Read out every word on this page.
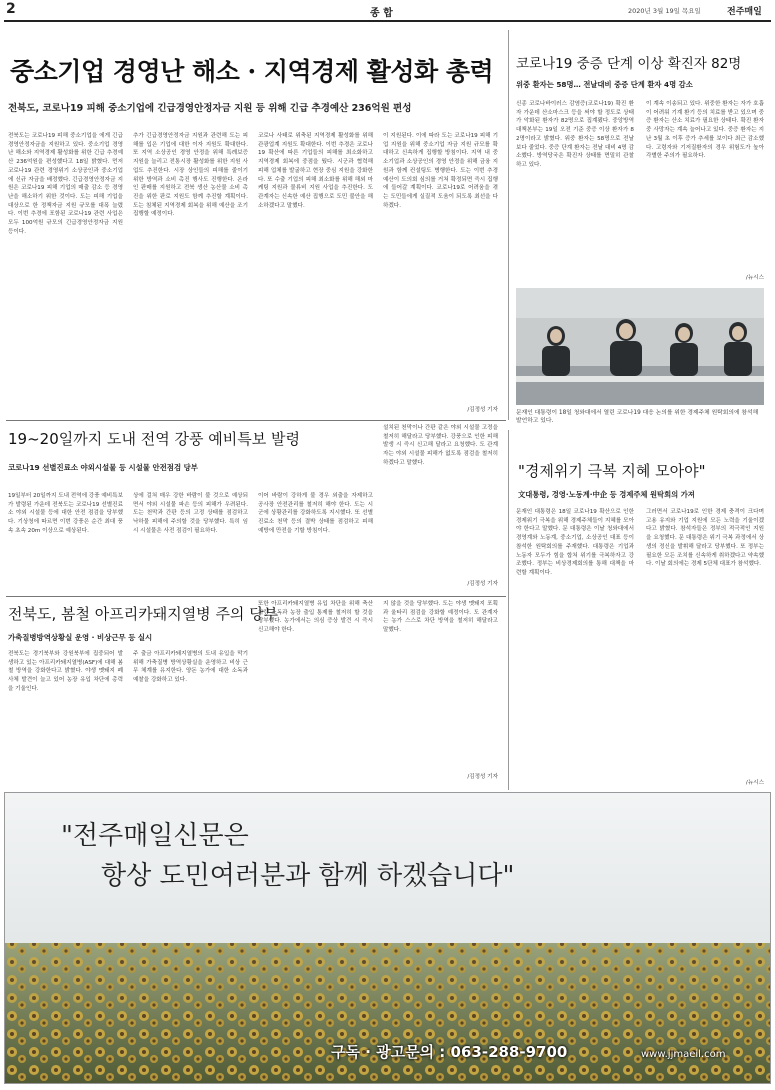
2	종 합	2020년 3월 19일 목요일	전주매일
중소기업 경영난 해소 · 지역경제 활성화 총력
전북도, 코로나19 피해 중소기업에 긴급경영안정자금 지원 등 위해 긴급 추경예산 236억원 편성
전북도는 코로나19 피해 중소기업을 에게 긴급경영안정자금을 지원하고 있다. 중소기업 경영난 해소와 지역경제 활성화를 위한 긴급 추경예산 236억원을 편성했다고 18일 밝혔다. 먼저 코로나19 관련 경영위기 소상공인과 중소기업에 신규 자금을 배정했다. 긴급경영안정자금 지원은 코로나19 피해 기업의 매출 감소 등 경영난을 해소하기 위한 것이다. 도는 피해 기업을 대상으로 한 정책자금 지원 규모를 대폭 늘렸다. 이번 추경에 포함된 코로나19 관련 사업은 모두 100억원 규모의 긴급경영안정자금 지원 등이다.
추가 긴급경영안정자금 지원과 관련해 도는 피해를 입은 기업에 대한 이자 지원도 확대한다. 또 지역 소상공인 경영 안정을 위해 특례보증 지원을 늘리고 전통시장 활성화를 위한 지원 사업도 추진한다. 시장 상인들의 피해를 줄이기 위한 방역과 소비 촉진 행사도 진행한다. 온라인 판매를 지원하고 전북 생산 농산물 소비 촉진을 위한 판로 지원도 함께 추진할 계획이다. 도는 침체된 지역경제 회복을 위해 예산을 조기 집행할 예정이다.
코로나 사태로 위축된 지역경제 활성화를 위해 관광업계 지원도 확대한다. 이번 추경은 코로나19 확산에 따른 기업들의 피해를 최소화하고 지역경제 회복에 중점을 뒀다. 시군과 협력해 피해 업체를 발굴하고 현장 중심 지원을 강화한다. 또 수출 기업의 피해 최소화를 위해 해외 마케팅 지원과 물류비 지원 사업을 추진한다. 도 관계자는 신속한 예산 집행으로 도민 불안을 해소하겠다고 말했다.
이 지원된다. 이에 따라 도는 코로나19 피해 기업 지원을 위해 중소기업 자금 지원 규모를 확대하고 신속하게 집행할 방침이다. 지역 내 중소기업과 소상공인의 경영 안정을 위해 금융 지원과 함께 컨설팅도 병행한다. 도는 이번 추경 예산이 도의회 심의를 거쳐 확정되면 즉시 집행에 들어갈 계획이다. 코로나19로 어려움을 겪는 도민들에게 실질적 도움이 되도록 최선을 다하겠다.
/김정성 기자
코로나19 중증 단계 이상 확진자 82명
위중 환자는 58명… 전날대비 중증 단계 환자 4명 감소
신종 코로나바이러스 감염증(코로나19) 확진 환자 가운데 산소마스크 등을 써야 할 정도로 상태가 악화된 환자가 82명으로 집계됐다. 중앙방역대책본부는 19일 오전 기준 중증 이상 환자가 82명이라고 밝혔다. 위중 환자는 58명으로 전날보다 줄었다. 중증 단계 환자는 전날 대비 4명 감소했다. 방역당국은 확진자 상태를 면밀히 관찰하고 있다.
이 계속 이송되고 있다. 위중한 환자는 자가 호흡이 어려워 기계 환기 등의 치료를 받고 있으며 중증 환자는 산소 치료가 필요한 상태다. 확진 환자 중 사망자는 계속 늘어나고 있다. 중증 환자는 지난 3월 초 이후 증가 추세를 보이다 최근 감소했다. 고령자와 기저질환자의 경우 위험도가 높아 각별한 주의가 필요하다.
/뉴시스
문재인 대통령이 18일 청와대에서 열린 코로나19 대응 논의를 위한 경제주체 원탁회의에 참석해 발언하고 있다.
19~20일까지 도내 전역 강풍 예비특보 발령
코로나19 선별진료소 야외시설물 등 시설물 안전점검 당부
19일부터 20일까지 도내 전역에 강풍 예비특보가 발령된 가운데 전북도는 코로나19 선별진료소 야외 시설물 등에 대한 안전 점검을 당부했다. 기상청에 따르면 이번 강풍은 순간 최대 풍속 초속 20m 이상으로 예상된다.
상에 걸쳐 매우 강한 바람이 불 것으로 예상되면서 야외 시설물 파손 등의 피해가 우려된다. 도는 천막과 간판 등의 고정 상태를 점검하고 낙하물 피해에 주의할 것을 당부했다. 특히 임시 시설물은 사전 점검이 필요하다.
이어 바람이 강하게 불 경우 외출을 자제하고 공사장 안전관리를 철저히 해야 한다. 도는 시군에 상황관리를 강화하도록 지시했다. 또 선별진료소 천막 등의 결박 상태를 점검하고 피해 예방에 만전을 기할 방침이다.
설치된 천막이나 간판 같은 야외 시설물 고정을 철저히 해달라고 당부했다. 강풍으로 인한 피해 발생 시 즉시 신고해 달라고 요청했다. 도 관계자는 야외 시설물 피해가 없도록 점검을 철저히 하겠다고 말했다.
/김정성 기자
"경제위기 극복 지혜 모아야"
文대통령, 경영·노동계·中企 등 경제주체 원탁회의 가져
문재인 대통령은 18일 코로나19 확산으로 인한 경제위기 극복을 위해 경제주체들이 지혜를 모아야 한다고 말했다. 문 대통령은 이날 청와대에서 경영계와 노동계, 중소기업, 소상공인 대표 등이 참석한 원탁회의를 주재했다. 대통령은 기업과 노동자 모두가 힘을 합쳐 위기를 극복하자고 강조했다. 정부는 비상경제회의를 통해 대책을 마련할 계획이다.
그러면서 코로나19로 인한 경제 충격이 크다며 고용 유지와 기업 지원에 모든 노력을 기울이겠다고 밝혔다. 참석자들은 정부의 적극적인 지원을 요청했다. 문 대통령은 위기 극복 과정에서 상생의 정신을 발휘해 달라고 당부했다. 또 정부는 필요한 모든 조치를 신속하게 취하겠다고 약속했다. 이날 회의에는 경제 5단체 대표가 참석했다.
/뉴시스
전북도, 봄철 아프리카돼지열병 주의 당부
가축질병방역상황실 운영 · 비상근무 등 실시
전북도는 경기북부와 강원북부에 집중되어 발생하고 있는 아프리카돼지열병(ASF)에 대해 봄철 방역을 강화한다고 밝혔다. 야생 멧돼지 폐사체 발견이 늘고 있어 농장 유입 차단에 총력을 기울인다.
주 출금 아프리카돼지열병의 도내 유입을 막기 위해 가축질병 방역상황실을 운영하고 비상 근무 체계를 유지한다. 양돈 농가에 대한 소독과 예찰을 강화하고 있다.
또한 아프리카돼지열병 유입 차단을 위해 축산 차량 소독과 농장 출입 통제를 철저히 할 것을 당부했다. 농가에서는 의심 증상 발견 시 즉시 신고해야 한다.
지 않을 것을 당부했다. 도는 야생 멧돼지 포획과 울타리 점검을 강화할 예정이다. 도 관계자는 농가 스스로 차단 방역을 철저히 해달라고 말했다.
/김정성 기자
"전주매일신문은
항상 도민여러분과 함께 하겠습니다"
구독 · 광고문의 : 063-288-9700	www.jjmaeil.com
